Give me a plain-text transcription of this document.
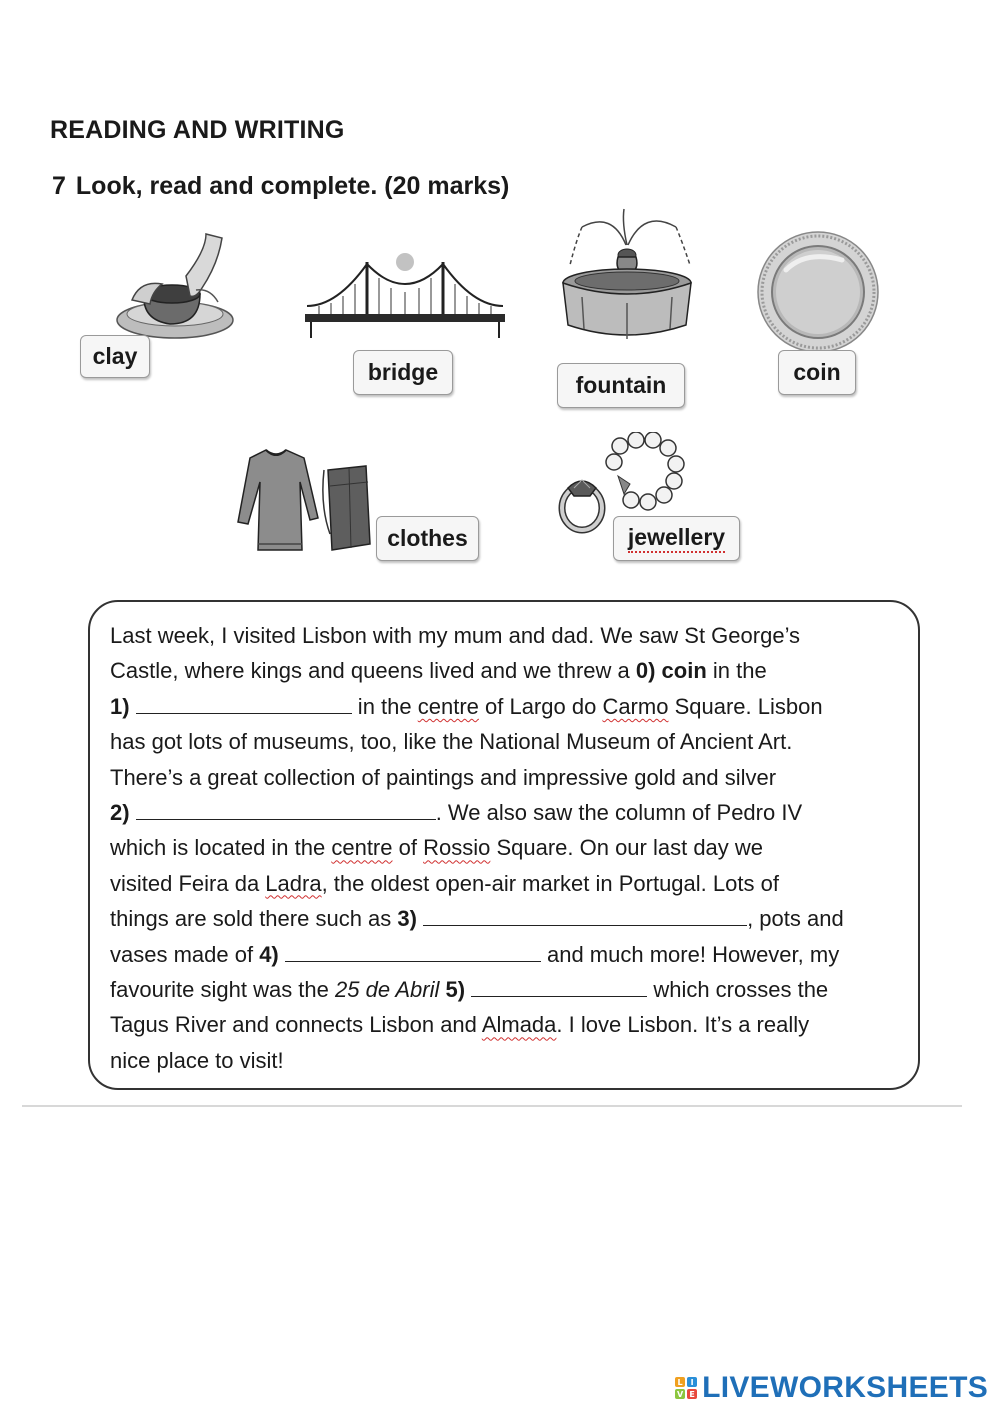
READING AND WRITING
7 Look, read and complete. (20 marks)
clay
bridge	fountain	coin
clothes	jewellery
Last week, I visited Lisbon with my mum and dad. We saw St George’s
Castle, where kings and queens lived and we threw a 0) coin in the
1)	in the centre of Largo do Carmo Square. Lisbon
has got lots of museums, too, like the National Museum of Ancient Art.
There’s a great collection of paintings and impressive gold and silver
2)	. We also saw the column of Pedro IV
which is located in the centre of Rossio Square. On our last day we
visited Feira da Ladra, the oldest open-air market in Portugal. Lots of
things are sold there such as 3)	, pots and
vases made of 4)	and much more! However, my
favourite sight was the 25 de Abril 5)	which crosses the
Tagus River and connects Lisbon and Almada. I love Lisbon. It’s a really
nice place to visit!
L I
V E LIVEWORKSHEETS
